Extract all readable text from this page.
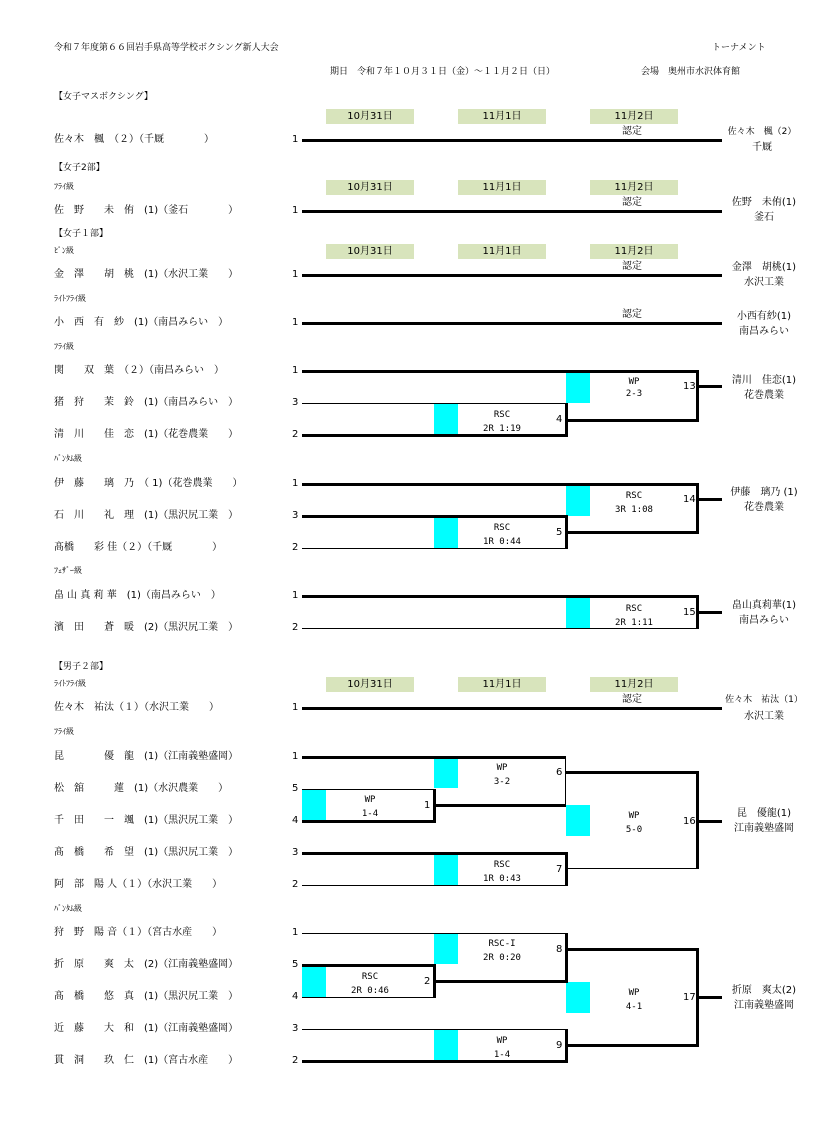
令和７年度第６６回岩手県高等学校ボクシング新人大会	トーナメント
期日　令和７年１０月３１日（金）～１１月２日（日）	会場　奥州市水沢体育館
【女子マスボクシング】
【女子2部】
【女子１部】
【男子２部】
ﾌﾗｲ級
ﾋﾟﾝ級
ﾗｲﾄﾌﾗｲ級
ﾌﾗｲ級
ﾊﾞﾝﾀﾑ級
ﾌｪｻﾞｰ級
ﾗｲﾄﾌﾗｲ級
ﾌﾗｲ級
ﾊﾞﾝﾀﾑ級
10月31日	11月1日	11月2日
10月31日	11月1日	11月2日
10月31日	11月1日	11月2日
10月31日	11月1日	11月2日
佐々木　楓　（２）（千厩　　　　）	1
佐　野　　未　侑　(1)（釜石　　　　）	1
金　澤　　胡　桃　(1)（水沢工業　　）	1
小　西　有　紗　(1)（南昌みらい　）	1
関　　双　葉　（２）（南昌みらい　）	1
猪　狩　　茉　鈴　(1)（南昌みらい　）	3
清　川　　佳　恋　(1)（花巻農業　　）	2
伊　藤　　璃　乃　（ 1)（花巻農業　　）	1
石　川　　礼　理　(1)（黒沢尻工業　）	3
髙橋　　彩 佳（２）（千厩　　　　）	2
畠 山 真 莉 華　(1)（南昌みらい　）	1
濱　田　　蒼　暖　(2)（黒沢尻工業　）	2
佐々木　祐汰（１）（水沢工業　　）	1
昆　　　　優　龍　(1)（江南義塾盛岡）	1
松　舘　　　蓮　(1)（水沢農業　　）	5
千　田　　一　颯　(1)（黒沢尻工業　）	4
髙　橋　　希　望　(1)（黒沢尻工業　）	3
阿　部　陽 人（１）（水沢工業　　）	2
狩　野　陽 音（１）（宮古水産　　）	1
折　原　　爽　太　(2)（江南義塾盛岡）	5
髙　橋　　悠　真　(1)（黒沢尻工業　）	4
近　藤　　大　和　(1)（江南義塾盛岡）	3
貫　洞　　玖　仁　(1)（宮古水産　　）	2
認定
認定
認定
認定
認定
WP
2-3
RSC
2R 1:19
RSC
3R 1:08
RSC
1R 0:44
RSC
2R 1:11
WP
3-2
WP
1-4	WP
5-0
RSC
1R 0:43
RSC-I
2R 0:20
RSC
2R 0:46	WP
4-1
WP
1-4
1
2
4
5
6
7
8
9
13
14
15
16
17
佐々木　楓（2）
千厩
佐野　未侑(1)
釜石
金澤　胡桃(1)
水沢工業
小西有紗(1)
南昌みらい
清川　佳恋(1)
花巻農業
伊藤　璃乃 (1)
花巻農業
畠山真莉華(1)
南昌みらい
佐々木　祐汰（1）
水沢工業
昆　優龍(1)
江南義塾盛岡
折原　爽太(2)
江南義塾盛岡
